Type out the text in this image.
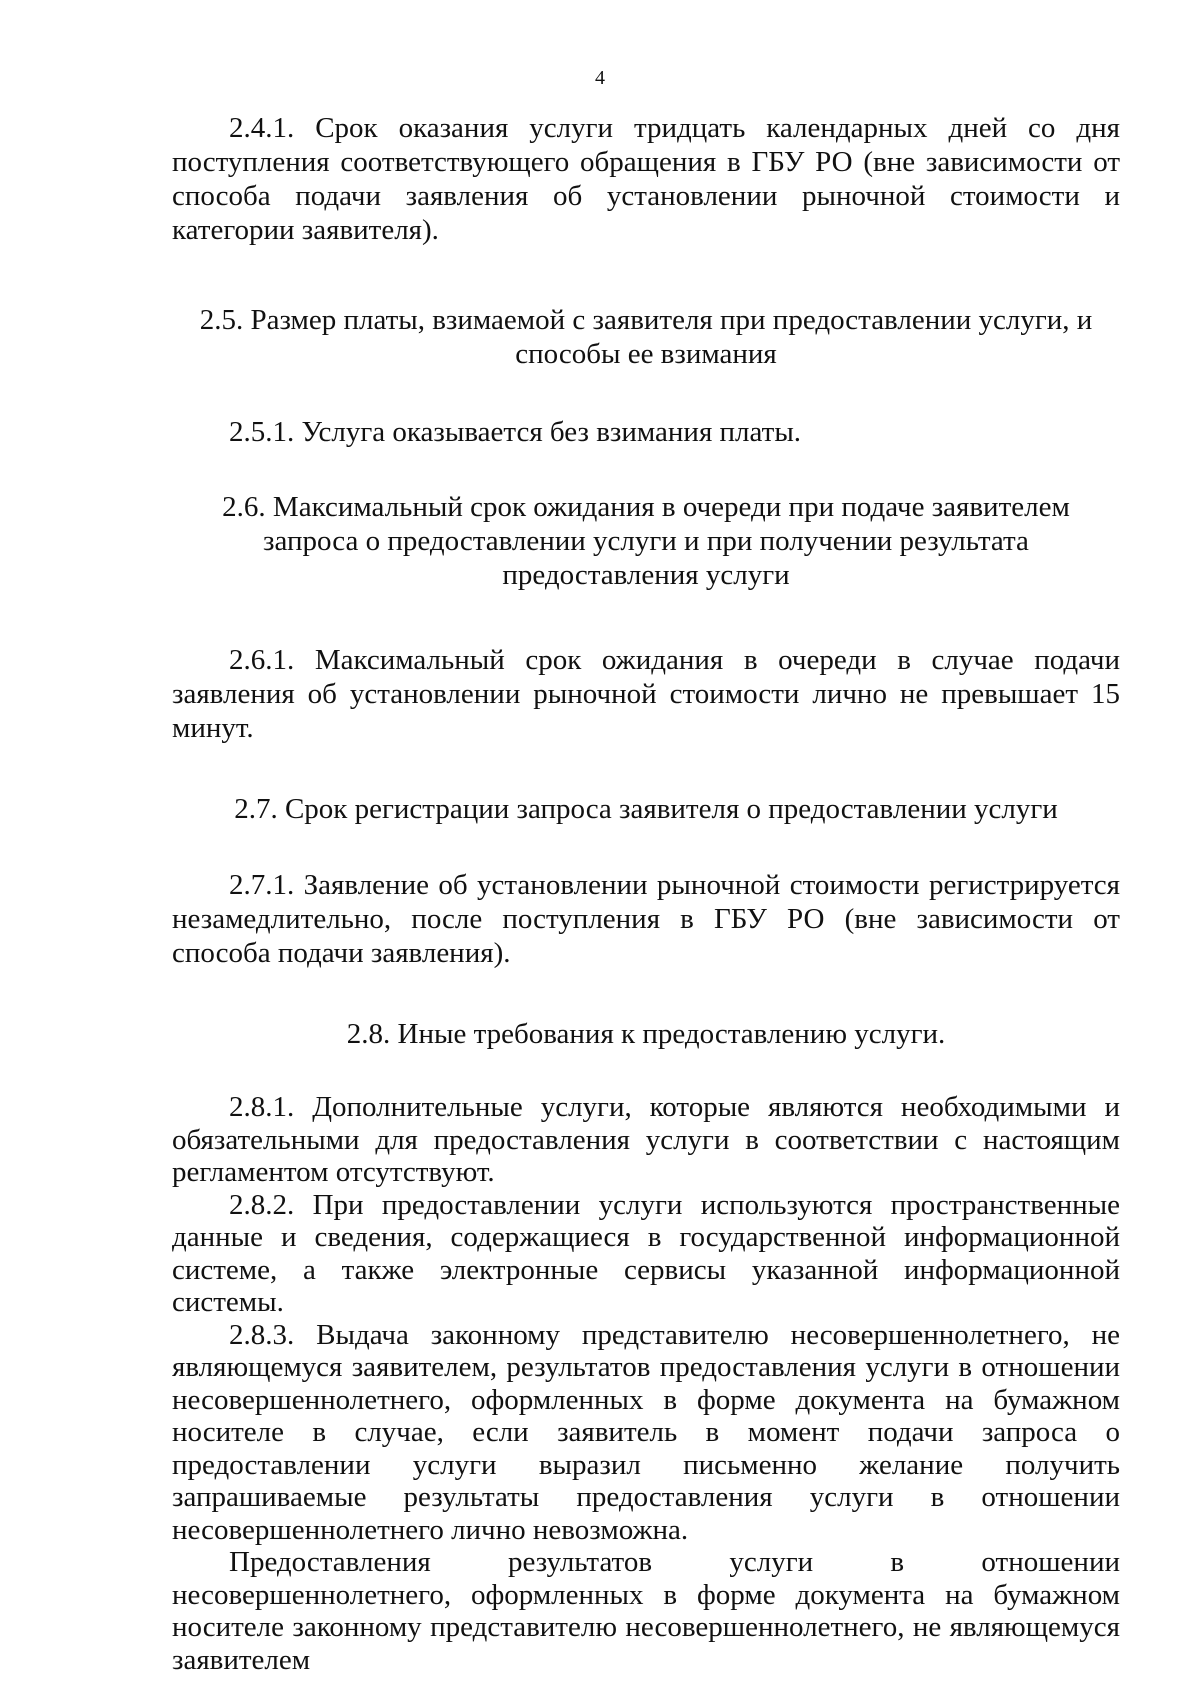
4

2.4.1. Срок оказания услуги тридцать календарных дней со дня поступления соответствующего обращения в ГБУ РО (вне зависимости от способа подачи заявления об установлении рыночной стоимости и категории заявителя).

2.5. Размер платы, взимаемой с заявителя при предоставлении услуги, и
способы ее взимания

2.5.1. Услуга оказывается без взимания платы.

2.6. Максимальный срок ожидания в очереди при подаче заявителем
запроса о предоставлении услуги и при получении результата
предоставления услуги

2.6.1. Максимальный срок ожидания в очереди в случае подачи заявления об установлении рыночной стоимости лично не превышает 15 минут.

2.7. Срок регистрации запроса заявителя о предоставлении услуги

2.7.1. Заявление об установлении рыночной стоимости регистрируется незамедлительно, после поступления в ГБУ РО (вне зависимости от способа подачи заявления).

2.8. Иные требования к предоставлению услуги.

2.8.1. Дополнительные услуги, которые являются необходимыми и обязательными для предоставления услуги в соответствии с настоящим регламентом отсутствуют.

2.8.2. При предоставлении услуги используются пространственные данные и сведения, содержащиеся в государственной информационной системе, а также электронные сервисы указанной информационной системы.

2.8.3. Выдача законному представителю несовершеннолетнего, не являющемуся заявителем, результатов предоставления услуги в отношении несовершеннолетнего, оформленных в форме документа на бумажном носителе в случае, если заявитель в момент подачи запроса о предоставлении услуги выразил письменно желание получить запрашиваемые результаты предоставления услуги в отношении несовершеннолетнего лично невозможна.

Предоставления результатов услуги в отношении несовершеннолетнего, оформленных в форме документа на бумажном носителе законному представителю несовершеннолетнего, не являющемуся заявителем
